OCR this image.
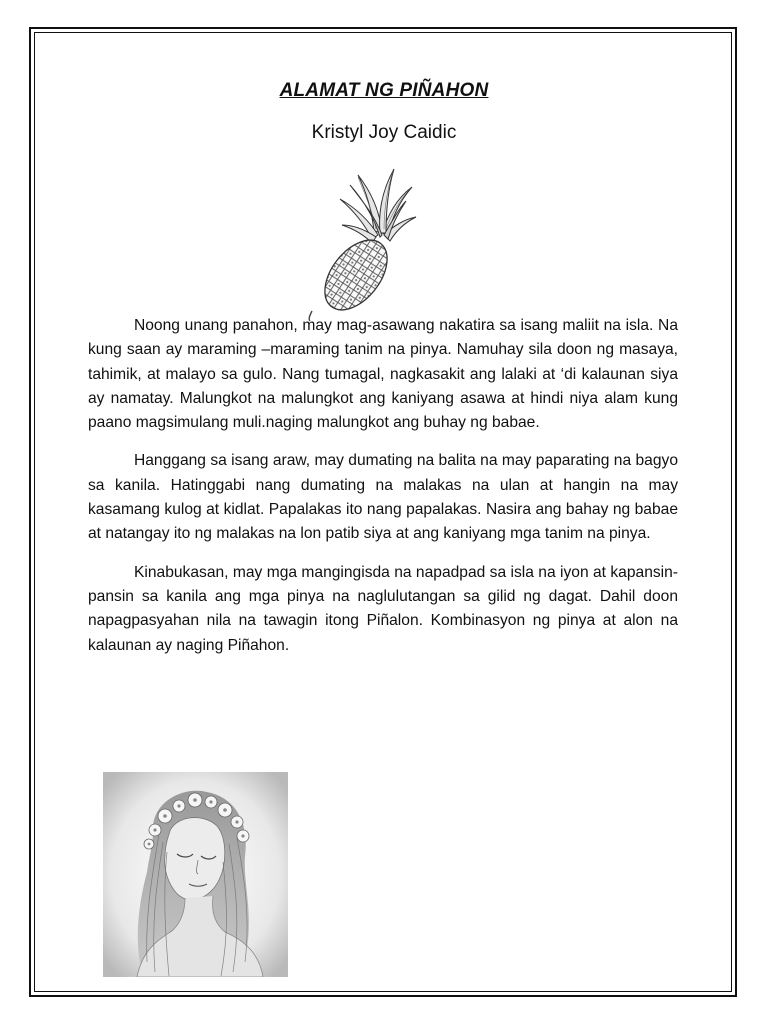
ALAMAT NG PIÑAHON
Kristyl Joy Caidic

Noong unang panahon, may mag-asawang nakatira sa isang maliit na isla. Na kung saan ay maraming –maraming tanim na pinya. Namuhay sila doon ng masaya, tahimik, at malayo sa gulo. Nang tumagal, nagkasakit ang lalaki at ‘di kalaunan siya ay namatay. Malungkot na malungkot ang kaniyang asawa at hindi niya alam kung paano magsimulang muli.naging malungkot ang buhay ng babae.

Hanggang sa isang araw, may dumating na balita na may paparating na bagyo sa kanila. Hatinggabi nang dumating na malakas na ulan at hangin na may kasamang kulog at kidlat. Papalakas ito nang papalakas. Nasira ang bahay ng babae at natangay ito ng malakas na lon patib siya at ang kaniyang mga tanim na pinya.

Kinabukasan, may mga mangingisda na napadpad sa isla na iyon at kapansin-pansin sa kanila ang mga pinya na naglulutangan sa gilid ng dagat. Dahil doon napagpasyahan nila na tawagin itong Piñalon. Kombinasyon ng pinya at alon na kalaunan ay naging Piñahon.
